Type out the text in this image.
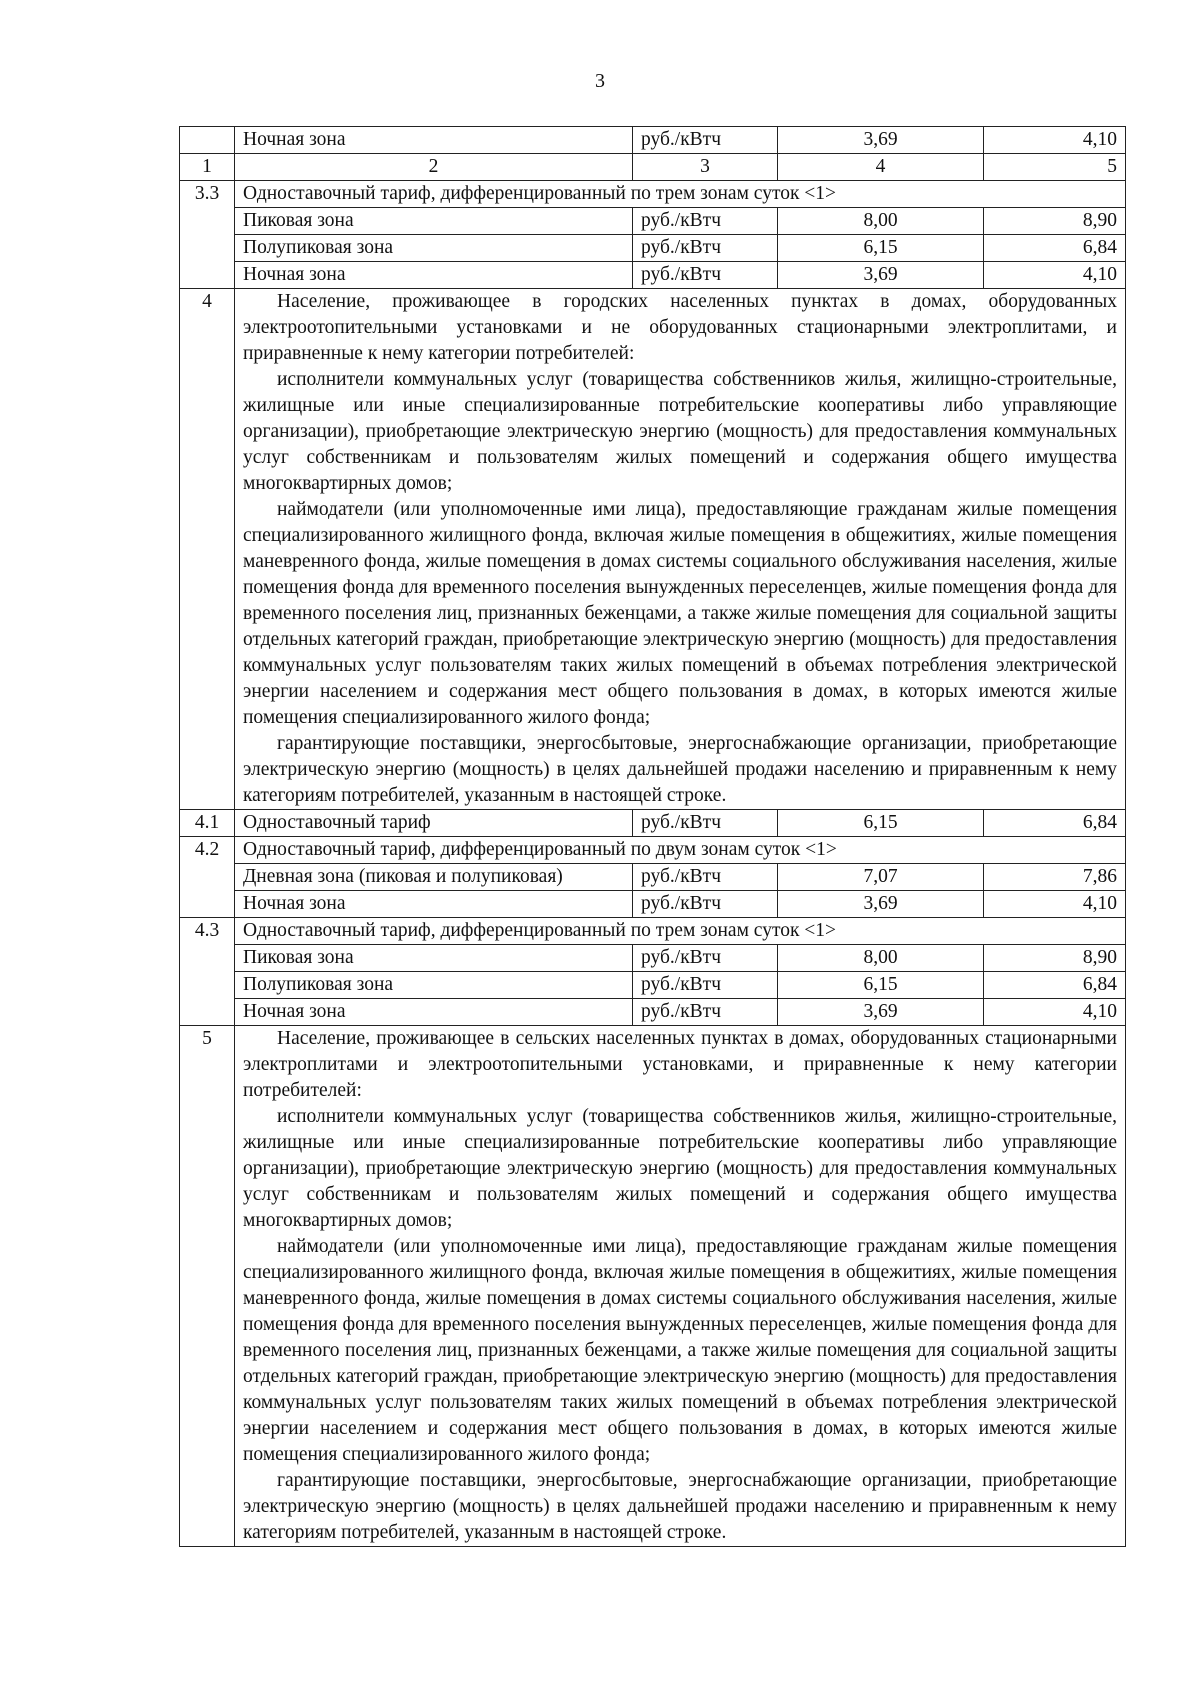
3
	Ночная зона	руб./кВтч	3,69	4,10
1	2	3	4	5
3.3	Одноставочный тариф, дифференцированный по трем зонам суток <1>			
	Пиковая зона	руб./кВтч	8,00	8,90
	Полупиковая зона	руб./кВтч	6,15	6,84
	Ночная зона	руб./кВтч	3,69	4,10
4	Население, проживающее в городских населенных пунктах в домах, оборудованных электроотопительными установками и не оборудованных стационарными электроплитами, и приравненные к нему категории потребителей:

исполнители коммунальных услуг (товарищества собственников жилья, жилищно-строительные, жилищные или иные специализированные потребительские кооперативы либо управляющие организации), приобретающие электрическую энергию (мощность) для предоставления коммунальных услуг собственникам и пользователям жилых помещений и содержания общего имущества многоквартирных домов;

наймодатели (или уполномоченные ими лица), предоставляющие гражданам жилые помещения специализированного жилищного фонда, включая жилые помещения в общежитиях, жилые помещения маневренного фонда, жилые помещения в домах системы социального обслуживания населения, жилые помещения фонда для временного поселения вынужденных переселенцев, жилые помещения фонда для временного поселения лиц, признанных беженцами, а также жилые помещения для социальной защиты отдельных категорий граждан, приобретающие электрическую энергию (мощность) для предоставления коммунальных услуг пользователям таких жилых помещений в объемах потребления электрической энергии населением и содержания мест общего пользования в домах, в которых имеются жилые помещения специализированного жилого фонда;

гарантирующие поставщики, энергосбытовые, энергоснабжающие организации, приобретающие электрическую энергию (мощность) в целях дальнейшей продажи населению и приравненным к нему категориям потребителей, указанным в настоящей строке.			

4.1	Одноставочный тариф	руб./кВтч	6,15	6,84
4.2	Одноставочный тариф, дифференцированный по двум зонам суток <1>			
	Дневная зона (пиковая и полупиковая)	руб./кВтч	7,07	7,86
	Ночная зона	руб./кВтч	3,69	4,10
4.3	Одноставочный тариф, дифференцированный по трем зонам суток <1>			
	Пиковая зона	руб./кВтч	8,00	8,90
	Полупиковая зона	руб./кВтч	6,15	6,84
	Ночная зона	руб./кВтч	3,69	4,10
5	Население, проживающее в сельских населенных пунктах в домах, оборудованных стационарными электроплитами и электроотопительными установками, и приравненные к нему категории потребителей:

исполнители коммунальных услуг (товарищества собственников жилья, жилищно-строительные, жилищные или иные специализированные потребительские кооперативы либо управляющие организации), приобретающие электрическую энергию (мощность) для предоставления коммунальных услуг собственникам и пользователям жилых помещений и содержания общего имущества многоквартирных домов;

наймодатели (или уполномоченные ими лица), предоставляющие гражданам жилые помещения специализированного жилищного фонда, включая жилые помещения в общежитиях, жилые помещения маневренного фонда, жилые помещения в домах системы социального обслуживания населения, жилые помещения фонда для временного поселения вынужденных переселенцев, жилые помещения фонда для временного поселения лиц, признанных беженцами, а также жилые помещения для социальной защиты отдельных категорий граждан, приобретающие электрическую энергию (мощность) для предоставления коммунальных услуг пользователям таких жилых помещений в объемах потребления электрической энергии населением и содержания мест общего пользования в домах, в которых имеются жилые помещения специализированного жилого фонда;

гарантирующие поставщики, энергосбытовые, энергоснабжающие организации, приобретающие электрическую энергию (мощность) в целях дальнейшей продажи населению и приравненным к нему категориям потребителей, указанным в настоящей строке.			
